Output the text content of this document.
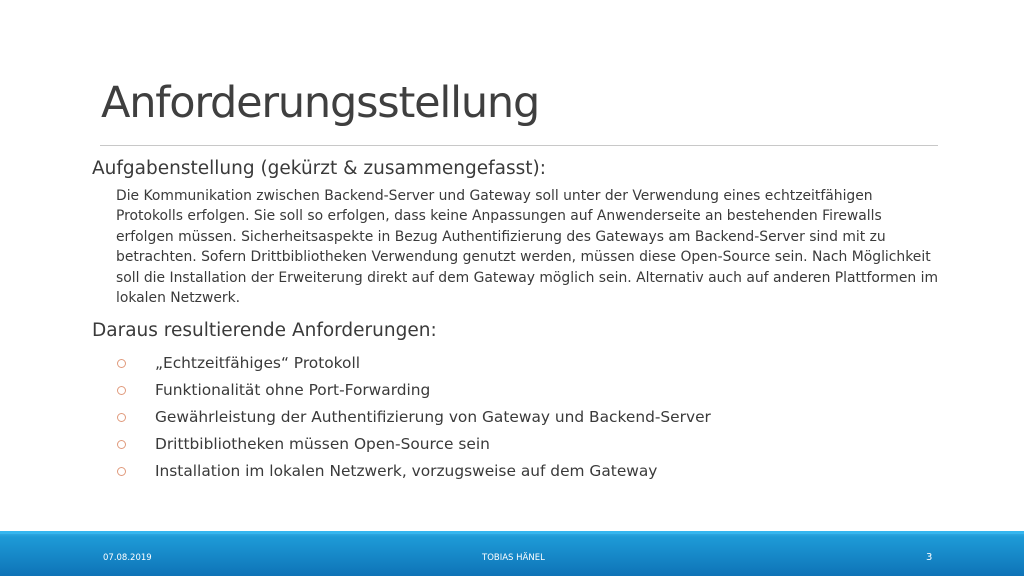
Anforderungsstellung
Aufgabenstellung (gekürzt & zusammengefasst):
Die Kommunikation zwischen Backend-Server und Gateway soll unter der Verwendung eines echtzeitfähigen Protokolls erfolgen. Sie soll so erfolgen, dass keine Anpassungen auf Anwenderseite an bestehenden Firewalls erfolgen müssen. Sicherheitsaspekte in Bezug Authentifizierung des Gateways am Backend-Server sind mit zu betrachten. Sofern Drittbibliotheken Verwendung genutzt werden, müssen diese Open-Source sein. Nach Möglichkeit soll die Installation der Erweiterung direkt auf dem Gateway möglich sein. Alternativ auch auf anderen Plattformen im lokalen Netzwerk.
Daraus resultierende Anforderungen:
„Echtzeitfähiges“ Protokoll
Funktionalität ohne Port-Forwarding
Gewährleistung der Authentifizierung von Gateway und Backend-Server
Drittbibliotheken müssen Open-Source sein
Installation im lokalen Netzwerk, vorzugsweise auf dem Gateway
07.08.2019	TOBIAS HÄNEL	3
